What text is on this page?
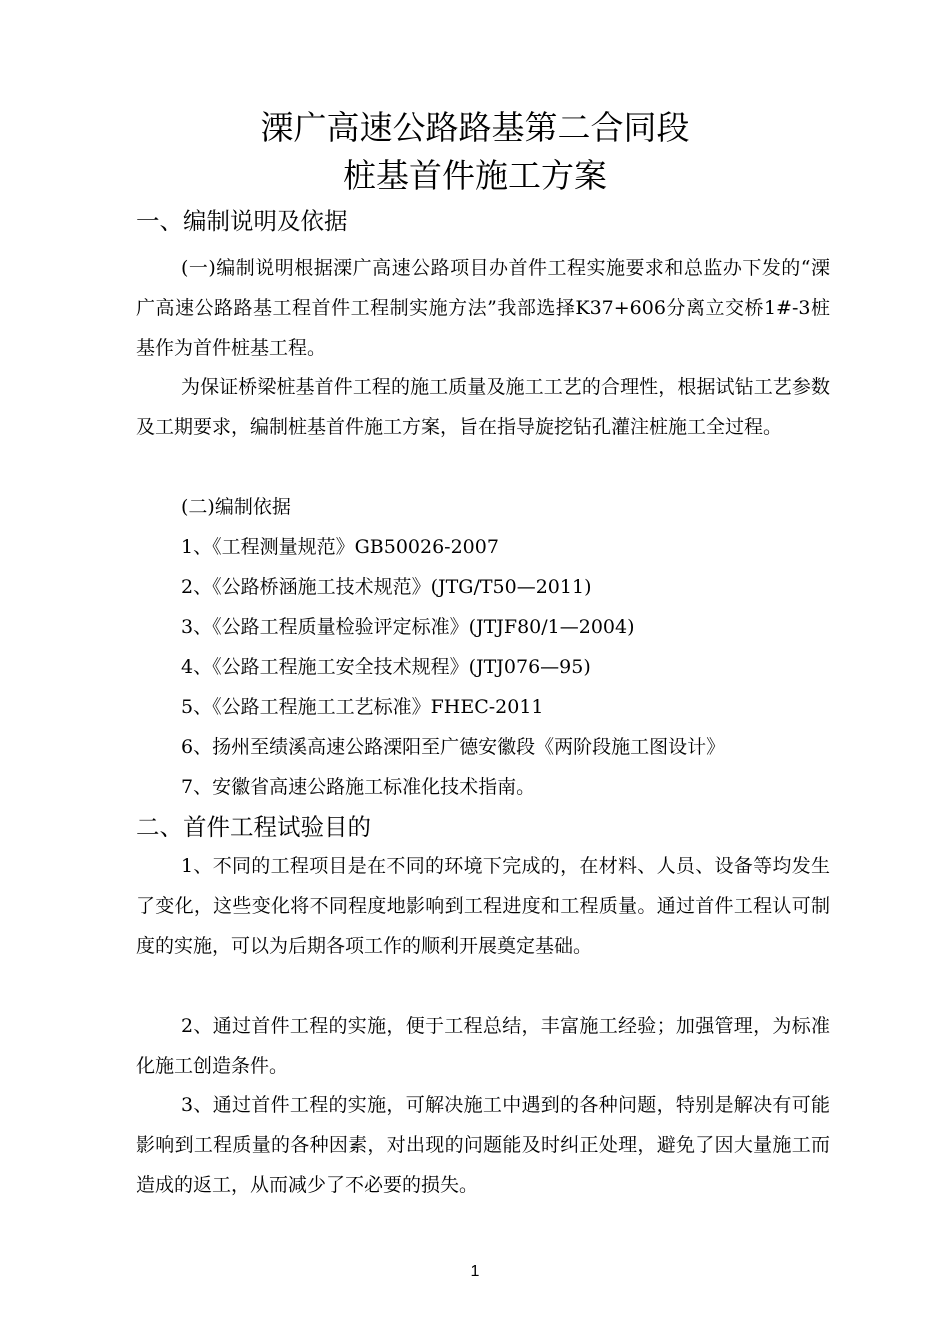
溧广高速公路路基第二合同段
桩基首件施工方案
一、编制说明及依据
(一)编制说明根据溧广高速公路项目办首件工程实施要求和总监办下发的“溧广高速公路路基工程首件工程制实施方法”我部选择K37+606分离立交桥1#-3桩基作为首件桩基工程。
为保证桥梁桩基首件工程的施工质量及施工工艺的合理性，根据试钻工艺参数及工期要求，编制桩基首件施工方案，旨在指导旋挖钻孔灌注桩施工全过程。
(二)编制依据
1、《工程测量规范》GB50026-2007
2、《公路桥涵施工技术规范》(JTG/T50—2011)
3、《公路工程质量检验评定标准》(JTJF80/1—2004)
4、《公路工程施工安全技术规程》(JTJ076—95)
5、《公路工程施工工艺标准》FHEC-2011
6、扬州至绩溪高速公路溧阳至广德安徽段《两阶段施工图设计》
7、安徽省高速公路施工标准化技术指南。
二、首件工程试验目的
1、不同的工程项目是在不同的环境下完成的，在材料、人员、设备等均发生了变化，这些变化将不同程度地影响到工程进度和工程质量。通过首件工程认可制度的实施，可以为后期各项工作的顺利开展奠定基础。
2、通过首件工程的实施，便于工程总结，丰富施工经验；加强管理，为标准化施工创造条件。
3、通过首件工程的实施，可解决施工中遇到的各种问题，特别是解决有可能影响到工程质量的各种因素，对出现的问题能及时纠正处理，避免了因大量施工而造成的返工，从而减少了不必要的损失。
1
